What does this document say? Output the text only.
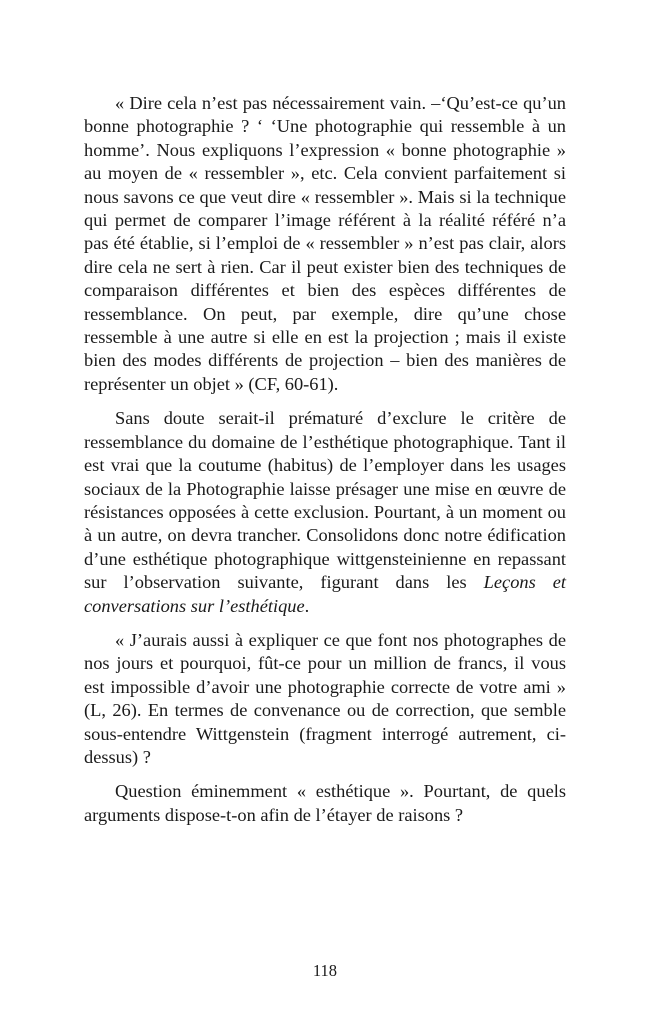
« Dire cela n’est pas nécessairement vain. –‘Qu’est-ce qu’un bonne photographie ? ‘ ‘Une photographie qui ressemble à un homme’. Nous expliquons l’expression « bonne photographie » au moyen de « ressembler », etc. Cela convient parfaitement si nous savons ce que veut dire « ressembler ». Mais si la technique qui permet de comparer l’image référent à la réalité référé n’a pas été établie, si l’emploi de « ressembler » n’est pas clair, alors dire cela ne sert à rien. Car il peut exister bien des techniques de comparaison différentes et bien des espèces différentes de ressemblance. On peut, par exemple, dire qu’une chose ressemble à une autre si elle en est la projection ; mais il existe bien des modes différents de projection – bien des manières de représenter un objet » (CF, 60-61).

Sans doute serait-il prématuré d’exclure le critère de ressemblance du domaine de l’esthétique photographique. Tant il est vrai que la coutume (habitus) de l’employer dans les usages sociaux de la Photographie laisse présager une mise en œuvre de résistances opposées à cette exclusion. Pourtant, à un moment ou à un autre, on devra trancher. Consolidons donc notre édification d’une esthétique photographique wittgensteinienne en repassant sur l’observation suivante, figurant dans les Leçons et conversations sur l’esthétique.

« J’aurais aussi à expliquer ce que font nos photographes de nos jours et pourquoi, fût-ce pour un million de francs, il vous est impossible d’avoir une photographie correcte de votre ami » (L, 26). En termes de convenance ou de correction, que semble sous-entendre Wittgenstein (fragment interrogé autrement, ci-dessus) ?

Question éminemment « esthétique ». Pourtant, de quels arguments dispose-t-on afin de l’étayer de raisons ?

118
